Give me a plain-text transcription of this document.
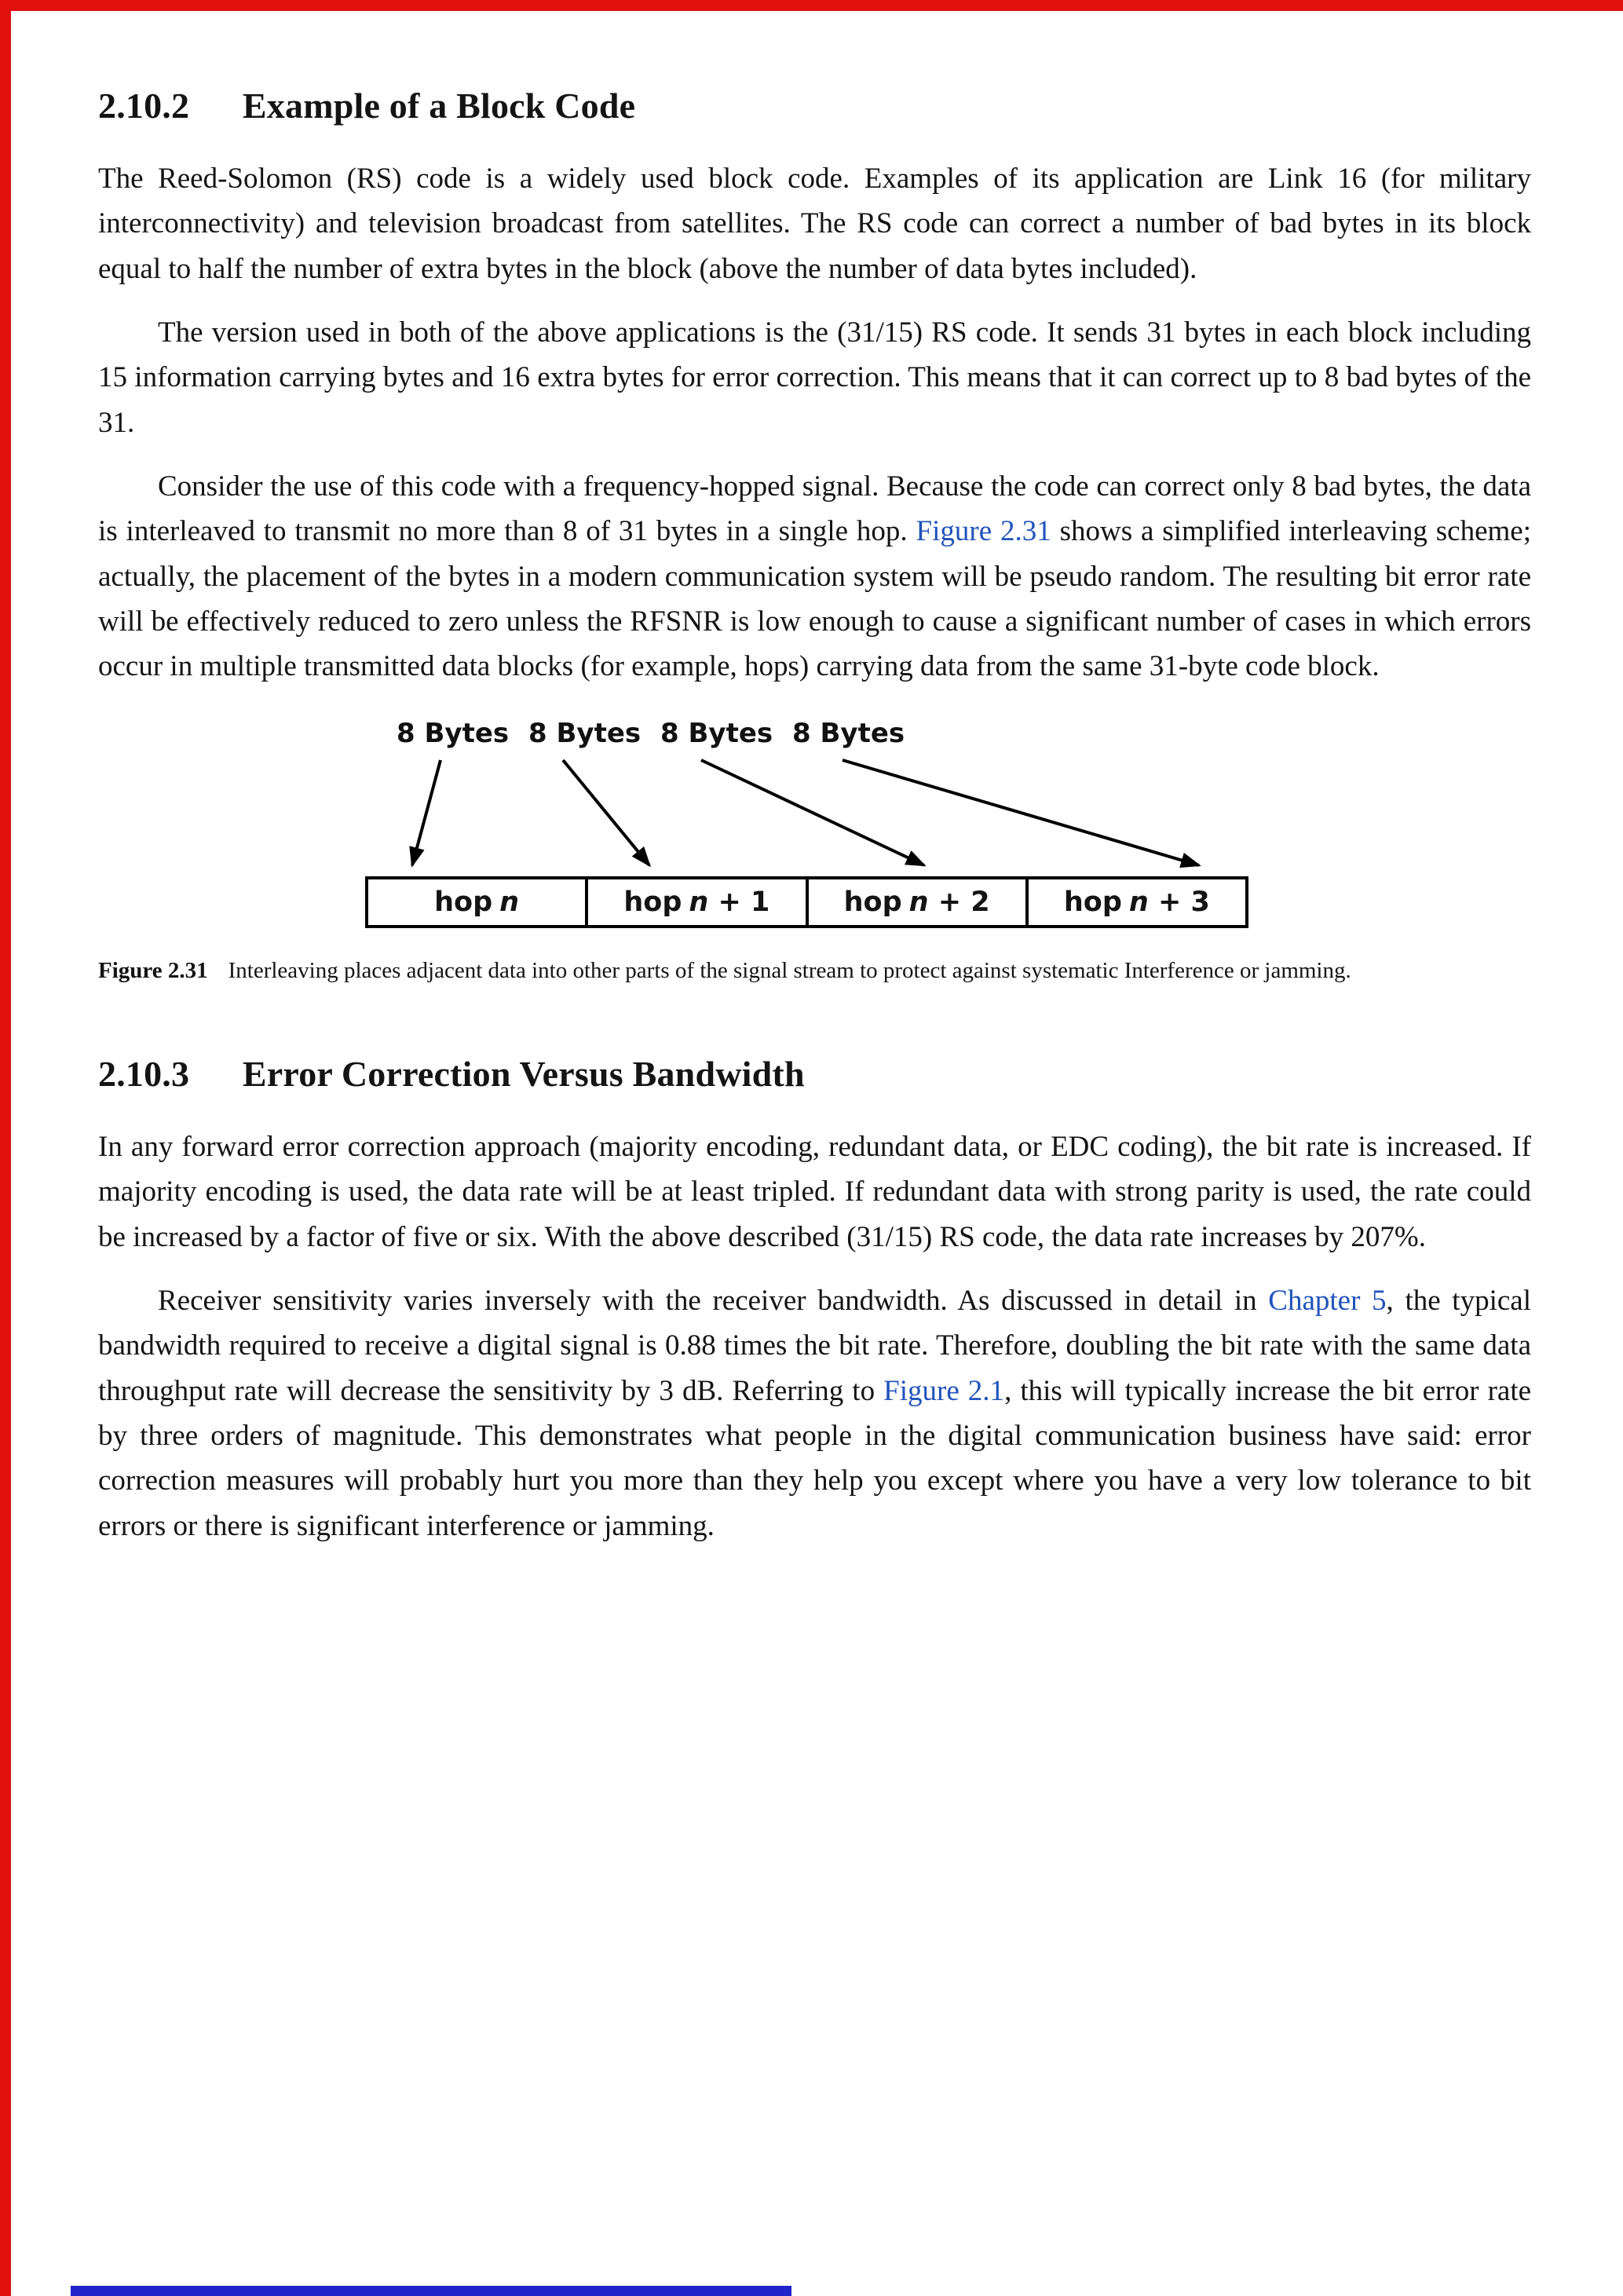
2.10.2 Example of a Block Code

The Reed-Solomon (RS) code is a widely used block code. Examples of its application are Link 16 (for military interconnectivity) and television broadcast from satellites. The RS code can correct a number of bad bytes in its block equal to half the number of extra bytes in the block (above the number of data bytes included).

The version used in both of the above applications is the (31/15) RS code. It sends 31 bytes in each block including 15 information carrying bytes and 16 extra bytes for error correction. This means that it can correct up to 8 bad bytes of the 31.

Consider the use of this code with a frequency-hopped signal. Because the code can correct only 8 bad bytes, the data is interleaved to transmit no more than 8 of 31 bytes in a single hop. Figure 2.31 shows a simplified interleaving scheme; actually, the placement of the bytes in a modern communication system will be pseudo random. The resulting bit error rate will be effectively reduced to zero unless the RFSNR is low enough to cause a significant number of cases in which errors occur in multiple transmitted data blocks (for example, hops) carrying data from the same 31-byte code block.

8 Bytes 8 Bytes 8 Bytes 8 Bytes
hop n	hop n + 1	hop n + 2	hop n + 3

Figure 2.31 Interleaving places adjacent data into other parts of the signal stream to protect against systematic Interference or jamming.

2.10.3 Error Correction Versus Bandwidth

In any forward error correction approach (majority encoding, redundant data, or EDC coding), the bit rate is increased. If majority encoding is used, the data rate will be at least tripled. If redundant data with strong parity is used, the rate could be increased by a factor of five or six. With the above described (31/15) RS code, the data rate increases by 207%.

Receiver sensitivity varies inversely with the receiver bandwidth. As discussed in detail in Chapter 5, the typical bandwidth required to receive a digital signal is 0.88 times the bit rate. Therefore, doubling the bit rate with the same data throughput rate will decrease the sensitivity by 3 dB. Referring to Figure 2.1, this will typically increase the bit error rate by three orders of magnitude. This demonstrates what people in the digital communication business have said: error correction measures will probably hurt you more than they help you except where you have a very low tolerance to bit errors or there is significant interference or jamming.
